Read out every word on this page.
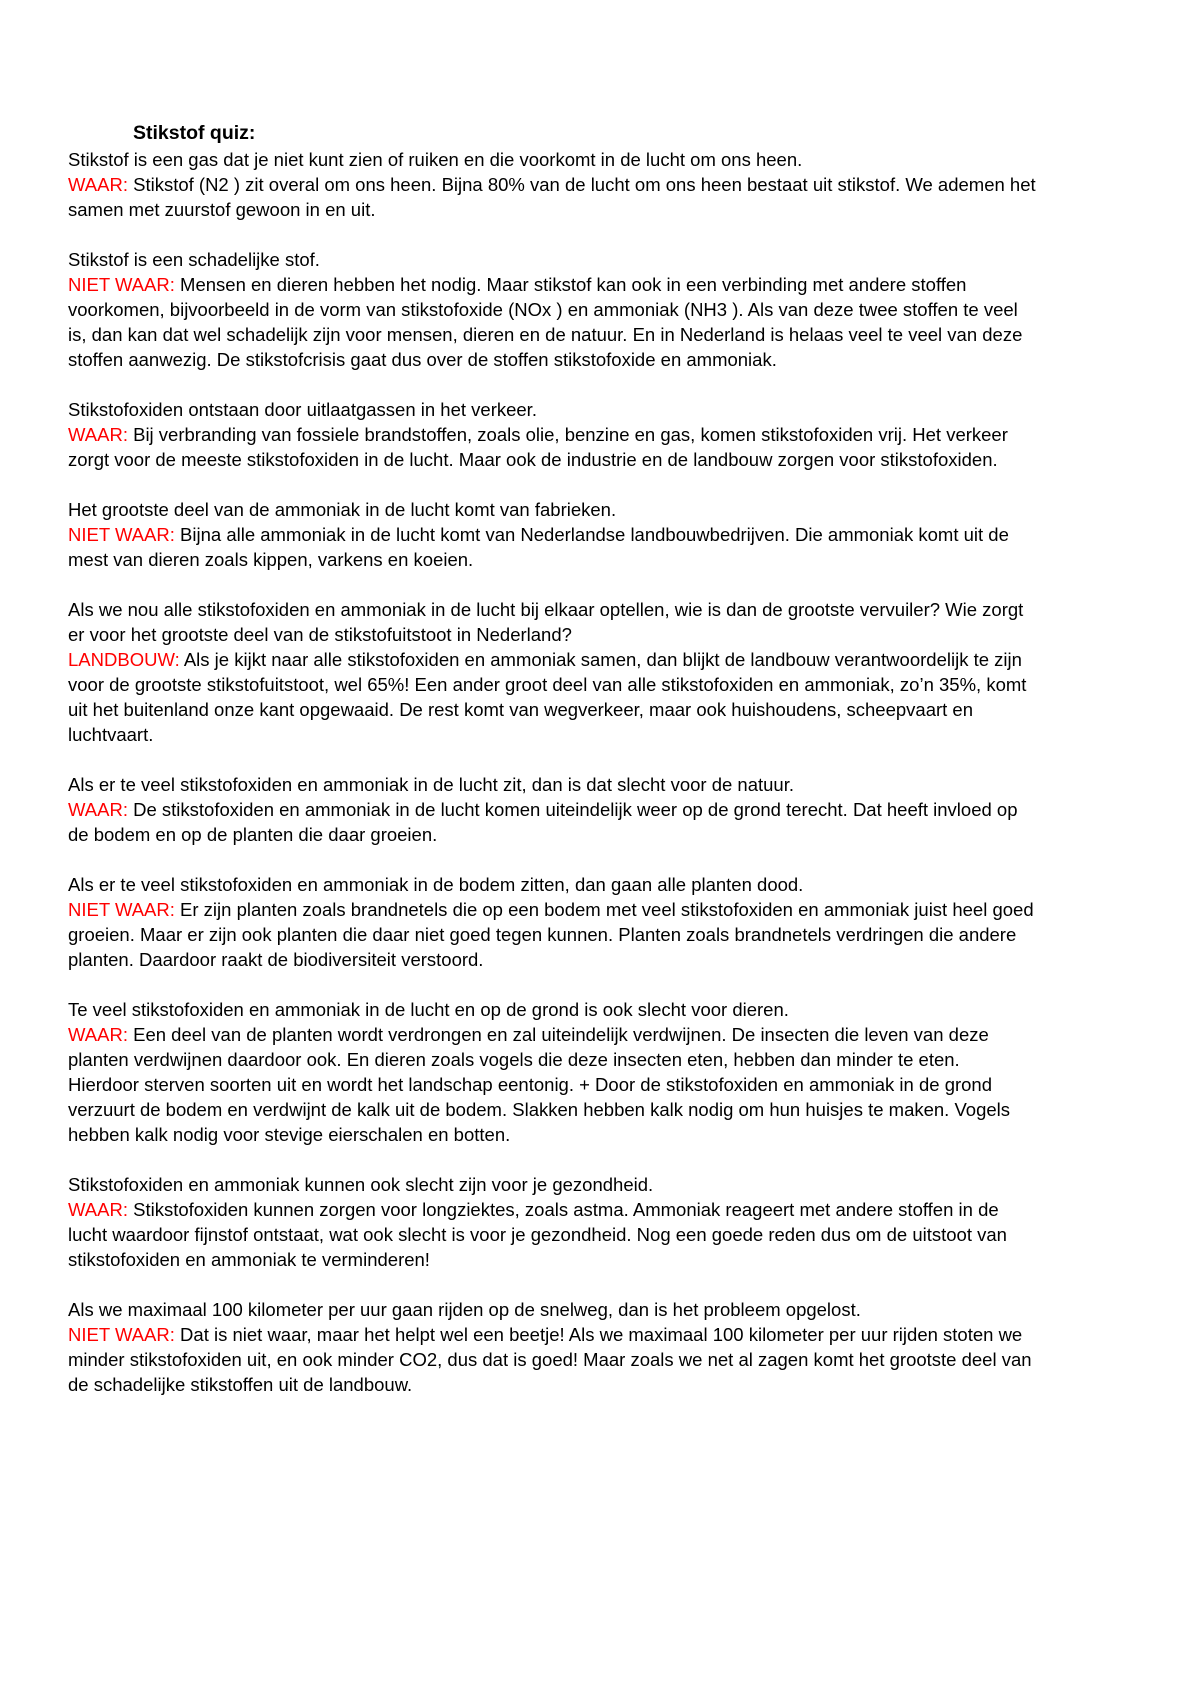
Stikstof quiz:
Stikstof is een gas dat je niet kunt zien of ruiken en die voorkomt in de lucht om ons heen.
WAAR: Stikstof (N2 ) zit overal om ons heen. Bijna 80% van de lucht om ons heen bestaat uit stikstof. We ademen het
samen met zuurstof gewoon in en uit.
Stikstof is een schadelijke stof.
NIET WAAR: Mensen en dieren hebben het nodig. Maar stikstof kan ook in een verbinding met andere stoffen
voorkomen, bijvoorbeeld in de vorm van stikstofoxide (NOx ) en ammoniak (NH3 ). Als van deze twee stoffen te veel
is, dan kan dat wel schadelijk zijn voor mensen, dieren en de natuur. En in Nederland is helaas veel te veel van deze
stoffen aanwezig. De stikstofcrisis gaat dus over de stoffen stikstofoxide en ammoniak.
Stikstofoxiden ontstaan door uitlaatgassen in het verkeer.
WAAR: Bij verbranding van fossiele brandstoffen, zoals olie, benzine en gas, komen stikstofoxiden vrij. Het verkeer
zorgt voor de meeste stikstofoxiden in de lucht. Maar ook de industrie en de landbouw zorgen voor stikstofoxiden.
Het grootste deel van de ammoniak in de lucht komt van fabrieken.
NIET WAAR: Bijna alle ammoniak in de lucht komt van Nederlandse landbouwbedrijven. Die ammoniak komt uit de
mest van dieren zoals kippen, varkens en koeien.
Als we nou alle stikstofoxiden en ammoniak in de lucht bij elkaar optellen, wie is dan de grootste vervuiler? Wie zorgt
er voor het grootste deel van de stikstofuitstoot in Nederland?
LANDBOUW: Als je kijkt naar alle stikstofoxiden en ammoniak samen, dan blijkt de landbouw verantwoordelijk te zijn
voor de grootste stikstofuitstoot, wel 65%! Een ander groot deel van alle stikstofoxiden en ammoniak, zo’n 35%, komt
uit het buitenland onze kant opgewaaid. De rest komt van wegverkeer, maar ook huishoudens, scheepvaart en
luchtvaart.
Als er te veel stikstofoxiden en ammoniak in de lucht zit, dan is dat slecht voor de natuur.
WAAR: De stikstofoxiden en ammoniak in de lucht komen uiteindelijk weer op de grond terecht. Dat heeft invloed op
de bodem en op de planten die daar groeien.
Als er te veel stikstofoxiden en ammoniak in de bodem zitten, dan gaan alle planten dood.
NIET WAAR: Er zijn planten zoals brandnetels die op een bodem met veel stikstofoxiden en ammoniak juist heel goed
groeien. Maar er zijn ook planten die daar niet goed tegen kunnen. Planten zoals brandnetels verdringen die andere
planten. Daardoor raakt de biodiversiteit verstoord.
Te veel stikstofoxiden en ammoniak in de lucht en op de grond is ook slecht voor dieren.
WAAR: Een deel van de planten wordt verdrongen en zal uiteindelijk verdwijnen. De insecten die leven van deze
planten verdwijnen daardoor ook. En dieren zoals vogels die deze insecten eten, hebben dan minder te eten.
Hierdoor sterven soorten uit en wordt het landschap eentonig. + Door de stikstofoxiden en ammoniak in de grond
verzuurt de bodem en verdwijnt de kalk uit de bodem. Slakken hebben kalk nodig om hun huisjes te maken. Vogels
hebben kalk nodig voor stevige eierschalen en botten.
Stikstofoxiden en ammoniak kunnen ook slecht zijn voor je gezondheid.
WAAR: Stikstofoxiden kunnen zorgen voor longziektes, zoals astma. Ammoniak reageert met andere stoffen in de
lucht waardoor fijnstof ontstaat, wat ook slecht is voor je gezondheid. Nog een goede reden dus om de uitstoot van
stikstofoxiden en ammoniak te verminderen!
Als we maximaal 100 kilometer per uur gaan rijden op de snelweg, dan is het probleem opgelost.
NIET WAAR: Dat is niet waar, maar het helpt wel een beetje! Als we maximaal 100 kilometer per uur rijden stoten we
minder stikstofoxiden uit, en ook minder CO2, dus dat is goed! Maar zoals we net al zagen komt het grootste deel van
de schadelijke stikstoffen uit de landbouw.
